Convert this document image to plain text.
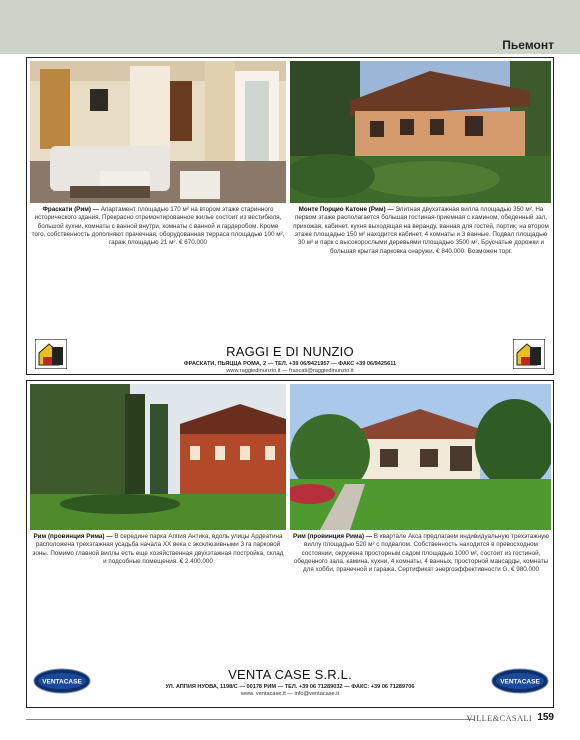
Пьемонт
Фраскати (Рим) — Апартамент площадью 170 м² на втором этаже старинного исторического здания. Прекрасно отремонтированное жилье состоит из вестибюля, большой кухни, комнаты с ванной внутри, комнаты с ванной и гардеробом. Кроме того, собственность дополняют прачечная, оборудованная терраса площадью 100 м², гараж площадью 21 м². € 670.000
Монте Порцио Катоне (Рим) — Элитная двухэтажная вилла площадью 350 м². На первом этаже располагается большая гостиная-приемная с камином, обеденный зал, прихожая, кабинет, кухня выходящая на веранду, ванная для гостей, портик; на втором этаже площадью 150 м² находится кабинет, 4 комнаты и 3 ванные. Подвал площадью 30 м² и парк с высокорослыми деревьями площадью 3500 м². Брусчатые дорожки и большая крытая парковка снаружи. € 840.000. Возможен торг.
RAGGI E DI NUNZIO
ФРАСКАТИ, ПЬЯЦЦА РОМА, 2 — ТЕЛ. +39 06/9421957 — ФАКС +39 06/9425611
www.raggiedinunzio.it — frascati@raggiedinunzio.it
Рим (провинция Рима) — В середине парка Аппия Антика, вдоль улицы Ардеатина расположена трехэтажная усадьба начала XX века с эксклюзивными 3 га парковой зоны. Помимо главной виллы есть еще хозяйственная двухэтажная постройка, склад и подсобные помещения. € 2.400.000
Рим (провинция Рима) — В квартале Акса предлагаем индивидуальную трехэтажную виллу площадью 520 м² с подвалом. Собственность находится в превосходном состоянии, окружена просторным садом площадью 1000 м², состоит из гостиной, обеденного зала, камина, кухни, 4 комнаты, 4 ванных, просторной мансарды, комнаты для хобби, прачечной и гаража. Сертификат энергоэффективности G. € 980.000
VENTACASE	VENTACASE
VENTA CASE S.R.L.
УЛ. АППИЯ НУОВА, 1198/C — 00178 РИМ — ТЕЛ. +39 06 71289032 — ФАКС: +39 06 71289706
www. ventacase.it — info@ventacase.it
VILLE&CASALI 159
